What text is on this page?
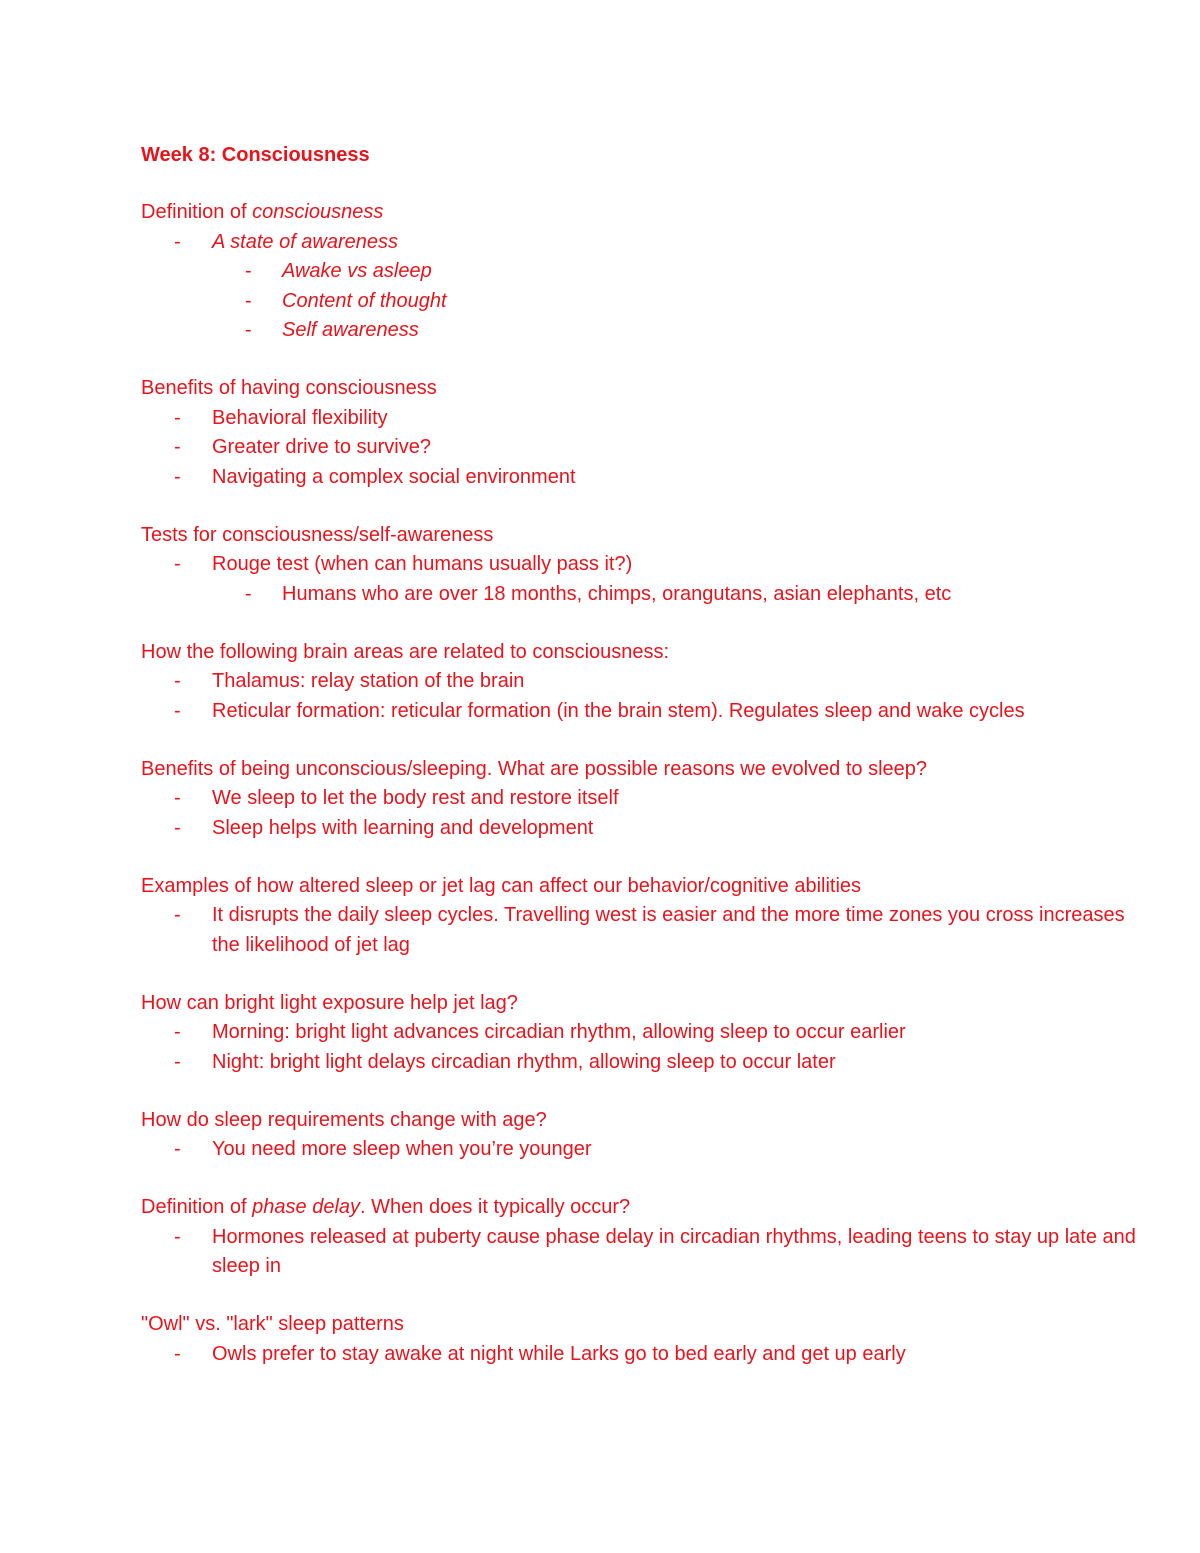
Week 8: Consciousness
Definition of consciousness
- A state of awareness
- Awake vs asleep
- Content of thought
- Self awareness
Benefits of having consciousness
- Behavioral flexibility
- Greater drive to survive?
- Navigating a complex social environment
Tests for consciousness/self-awareness
- Rouge test (when can humans usually pass it?)
- Humans who are over 18 months, chimps, orangutans, asian elephants, etc
How the following brain areas are related to consciousness:
- Thalamus: relay station of the brain
- Reticular formation: reticular formation (in the brain stem). Regulates sleep and wake cycles
Benefits of being unconscious/sleeping. What are possible reasons we evolved to sleep?
- We sleep to let the body rest and restore itself
- Sleep helps with learning and development
Examples of how altered sleep or jet lag can affect our behavior/cognitive abilities
- It disrupts the daily sleep cycles. Travelling west is easier and the more time zones you cross increases the likelihood of jet lag
How can bright light exposure help jet lag?
- Morning: bright light advances circadian rhythm, allowing sleep to occur earlier
- Night: bright light delays circadian rhythm, allowing sleep to occur later
How do sleep requirements change with age?
- You need more sleep when you’re younger
Definition of phase delay. When does it typically occur?
- Hormones released at puberty cause phase delay in circadian rhythms, leading teens to stay up late and sleep in
"Owl" vs. "lark" sleep patterns
- Owls prefer to stay awake at night while Larks go to bed early and get up early
